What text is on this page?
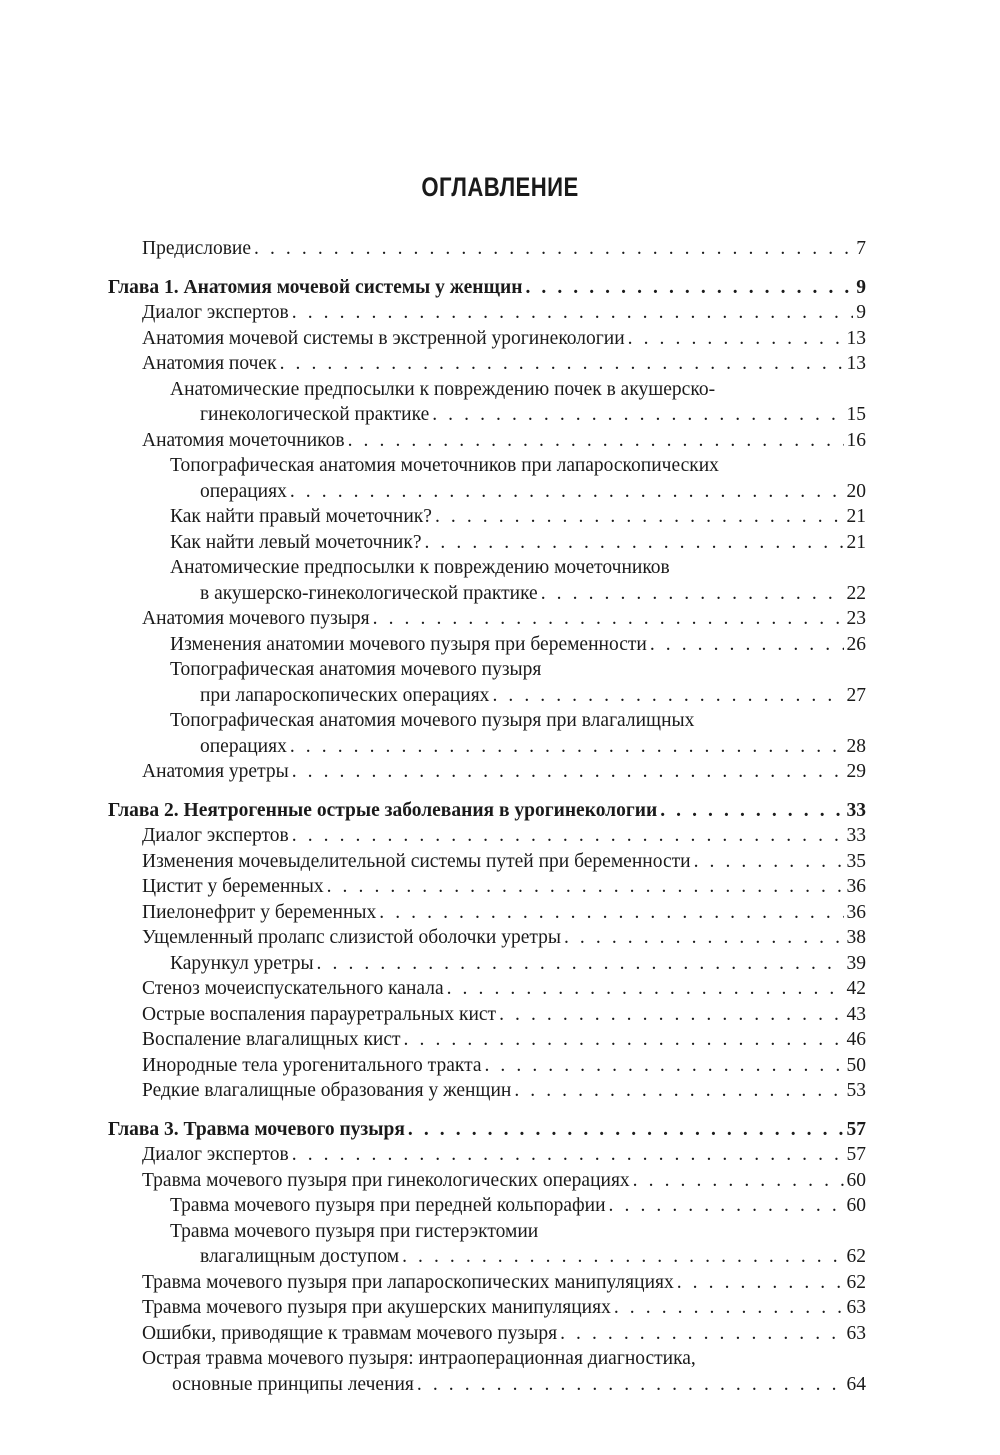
ОГЛАВЛЕНИЕ
Предисловие . . .	7
Глава 1. Анатомия мочевой системы у женщин . . .	9
Диалог экспертов . . .	9
Анатомия мочевой системы в экстренной урогинекологии . . .	13
Анатомия почек . . .	13
Анатомические предпосылки к повреждению почек в акушерско-
гинекологической практике . . .	15
Анатомия мочеточников . . .	16
Топографическая анатомия мочеточников при лапароскопических
операциях . . .	20
Как найти правый мочеточник? . . .	21
Как найти левый мочеточник? . . .	21
Анатомические предпосылки к повреждению мочеточников
в акушерско-гинекологической практике . . .	22
Анатомия мочевого пузыря . . .	23
Изменения анатомии мочевого пузыря при беременности . . .	26
Топографическая анатомия мочевого пузыря
при лапароскопических операциях . . .	27
Топографическая анатомия мочевого пузыря при влагалищных
операциях . . .	28
Анатомия уретры . . .	29
Глава 2. Неятрогенные острые заболевания в урогинекологии . . .	33
Диалог экспертов . . .	33
Изменения мочевыделительной системы путей при беременности . . .	35
Цистит у беременных . . .	36
Пиелонефрит у беременных . . .	36
Ущемленный пролапс слизистой оболочки уретры . . .	38
Карункул уретры . . .	39
Стеноз мочеиспускательного канала . . .	42
Острые воспаления парауретральных кист . . .	43
Воспаление влагалищных кист . . .	46
Инородные тела урогенитального тракта . . .	50
Редкие влагалищные образования у женщин . . .	53
Глава 3. Травма мочевого пузыря . . .	57
Диалог экспертов . . .	57
Травма мочевого пузыря при гинекологических операциях . . .	60
Травма мочевого пузыря при передней кольпорафии . . .	60
Травма мочевого пузыря при гистерэктомии
влагалищным доступом . . .	62
Травма мочевого пузыря при лапароскопических манипуляциях . . .	62
Травма мочевого пузыря при акушерских манипуляциях . . .	63
Ошибки, приводящие к травмам мочевого пузыря . . .	63
Острая травма мочевого пузыря: интраоперационная диагностика,
основные принципы лечения . . .	64
